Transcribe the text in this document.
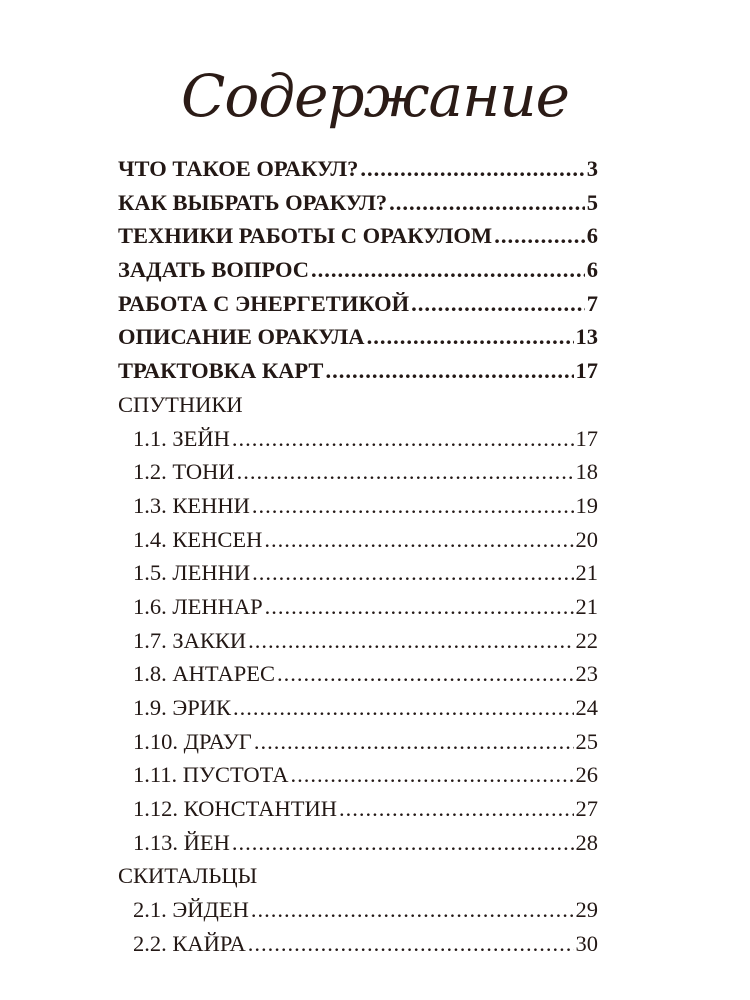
Содержание
ЧТО ТАКОЕ ОРАКУЛ? .....	3
КАК ВЫБРАТЬ ОРАКУЛ? .....	5
ТЕХНИКИ РАБОТЫ С ОРАКУЛОМ .....	6
ЗАДАТЬ ВОПРОС .....	6
РАБОТА С ЭНЕРГЕТИКОЙ .....	7
ОПИСАНИЕ ОРАКУЛА .....	13
ТРАКТОВКА КАРТ .....	17
СПУТНИКИ
1.1. ЗЕЙН .....	17
1.2. ТОНИ .....	18
1.3. КЕННИ .....	19
1.4. КЕНСЕН .....	20
1.5. ЛЕННИ .....	21
1.6. ЛЕННАР .....	21
1.7. ЗАККИ .....	22
1.8. АНТАРЕС .....	23
1.9. ЭРИК .....	24
1.10. ДРАУГ .....	25
1.11. ПУСТОТА .....	26
1.12. КОНСТАНТИН .....	27
1.13. ЙЕН .....	28
СКИТАЛЬЦЫ
2.1. ЭЙДЕН .....	29
2.2. КАЙРА .....	30
